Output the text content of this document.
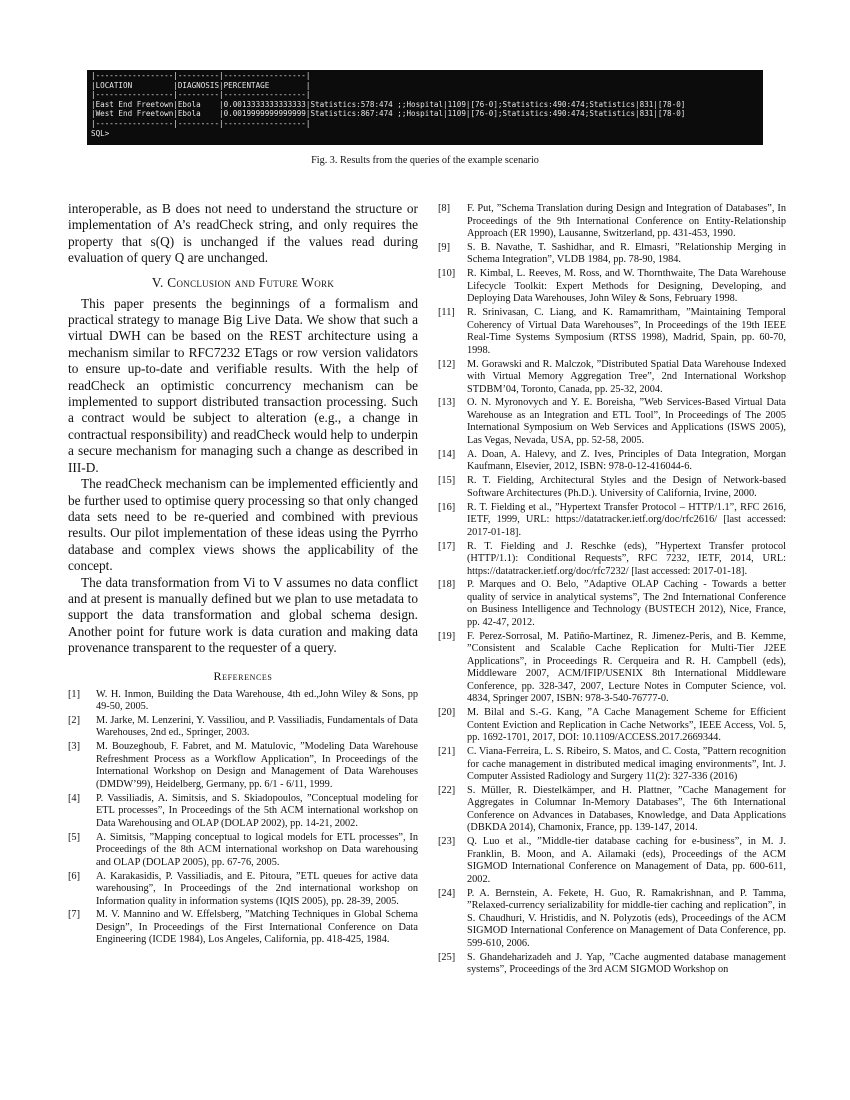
|-----------------|---------|------------------|
|LOCATION         |DIAGNOSIS|PERCENTAGE        |
|-----------------|---------|------------------|
|East End Freetown|Ebola    |0.0013333333333333|Statistics:578:474 ;;Hospital|1109|[76-0];Statistics:490:474;Statistics|831|[78-0]
|West End Freetown|Ebola    |0.0019999999999999|Statistics:867:474 ;;Hospital|1109|[76-0];Statistics:490:474;Statistics|831|[78-0]
|-----------------|---------|------------------|
SQL>
Fig. 3. Results from the queries of the example scenario

interoperable, as B does not need to understand the structure or implementation of A’s readCheck string, and only requires the property that s(Q) is unchanged if the values read during evaluation of query Q are unchanged.

V. Conclusion and Future Work

This paper presents the beginnings of a formalism and practical strategy to manage Big Live Data. We show that such a virtual DWH can be based on the REST architecture using a mechanism similar to RFC7232 ETags or row version validators to ensure up-to-date and verifiable results. With the help of readCheck an optimistic concurrency mechanism can be implemented to support distributed transaction processing. Such a contract would be subject to alteration (e.g., a change in contractual responsibility) and readCheck would help to underpin a secure mechanism for managing such a change as described in III-D.

The readCheck mechanism can be implemented efficiently and be further used to optimise query processing so that only changed data sets need to be re-queried and combined with previous results. Our pilot implementation of these ideas using the Pyrrho database and complex views shows the applicability of the concept.

The data transformation from Vi to V assumes no data conflict and at present is manually defined but we plan to use metadata to support the data transformation and global schema design. Another point for future work is data curation and making data provenance transparent to the requester of a query.

References
[1]	W. H. Inmon, Building the Data Warehouse, 4th ed.,John Wiley & Sons, pp 49-50, 2005.
[2]	M. Jarke, M. Lenzerini, Y. Vassiliou, and P. Vassiliadis, Fundamentals of Data Warehouses, 2nd ed., Springer, 2003.
[3]	M. Bouzeghoub, F. Fabret, and M. Matulovic, ”Modeling Data Warehouse Refreshment Process as a Workflow Application”, In Proceedings of the International Workshop on Design and Management of Data Warehouses (DMDW’99), Heidelberg, Germany, pp. 6/1 - 6/11, 1999.
[4]	P. Vassiliadis, A. Simitsis, and S. Skiadopoulos, ”Conceptual modeling for ETL processes”, In Proceedings of the 5th ACM international workshop on Data Warehousing and OLAP (DOLAP 2002), pp. 14-21, 2002.
[5]	A. Simitsis, ”Mapping conceptual to logical models for ETL processes”, In Proceedings of the 8th ACM international workshop on Data warehousing and OLAP (DOLAP 2005), pp. 67-76, 2005.
[6]	A. Karakasidis, P. Vassiliadis, and E. Pitoura, ”ETL queues for active data warehousing”, In Proceedings of the 2nd international workshop on Information quality in information systems (IQIS 2005), pp. 28-39, 2005.
[7]	M. V. Mannino and W. Effelsberg, ”Matching Techniques in Global Schema Design”, In Proceedings of the First International Conference on Data Engineering (ICDE 1984), Los Angeles, California, pp. 418-425, 1984.
[8]	F. Put, ”Schema Translation during Design and Integration of Databases”, In Proceedings of the 9th International Conference on Entity-Relationship Approach (ER 1990), Lausanne, Switzerland, pp. 431-453, 1990.
[9]	S. B. Navathe, T. Sashidhar, and R. Elmasri, ”Relationship Merging in Schema Integration”, VLDB 1984, pp. 78-90, 1984.
[10]	R. Kimbal, L. Reeves, M. Ross, and W. Thornthwaite, The Data Warehouse Lifecycle Toolkit: Expert Methods for Designing, Developing, and Deploying Data Warehouses, John Wiley & Sons, February 1998.
[11]	R. Srinivasan, C. Liang, and K. Ramamritham, ”Maintaining Temporal Coherency of Virtual Data Warehouses”, In Proceedings of the 19th IEEE Real-Time Systems Symposium (RTSS 1998), Madrid, Spain, pp. 60-70, 1998.
[12]	M. Gorawski and R. Malczok, ”Distributed Spatial Data Warehouse Indexed with Virtual Memory Aggregation Tree”, 2nd International Workshop STDBM’04, Toronto, Canada, pp. 25-32, 2004.
[13]	O. N. Myronovych and Y. E. Boreisha, ”Web Services-Based Virtual Data Warehouse as an Integration and ETL Tool”, In Proceedings of The 2005 International Symposium on Web Services and Applications (ISWS 2005), Las Vegas, Nevada, USA, pp. 52-58, 2005.
[14]	A. Doan, A. Halevy, and Z. Ives, Principles of Data Integration, Morgan Kaufmann, Elsevier, 2012, ISBN: 978-0-12-416044-6.
[15]	R. T. Fielding, Architectural Styles and the Design of Network-based Software Architectures (Ph.D.). University of California, Irvine, 2000.
[16]	R. T. Fielding et al., ”Hypertext Transfer Protocol – HTTP/1.1”, RFC 2616, IETF, 1999, URL: https://datatracker.ietf.org/doc/rfc2616/ [last accessed: 2017-01-18].
[17]	R. T. Fielding and J. Reschke (eds), ”Hypertext Transfer protocol (HTTP/1.1): Conditional Requests”, RFC 7232, IETF, 2014, URL: https://datatracker.ietf.org/doc/rfc7232/ [last accessed: 2017-01-18].
[18]	P. Marques and O. Belo, ”Adaptive OLAP Caching - Towards a better quality of service in analytical systems”, The 2nd International Conference on Business Intelligence and Technology (BUSTECH 2012), Nice, France, pp. 42-47, 2012.
[19]	F. Perez-Sorrosal, M. Patiño-Martinez, R. Jimenez-Peris, and B. Kemme, ”Consistent and Scalable Cache Replication for Multi-Tier J2EE Applications”, in Proceedings R. Cerqueira and R. H. Campbell (eds), Middleware 2007, ACM/IFIP/USENIX 8th International Middleware Conference, pp. 328-347, 2007, Lecture Notes in Computer Science, vol. 4834, Springer 2007, ISBN: 978-3-540-76777-0.
[20]	M. Bilal and S.-G. Kang, ”A Cache Management Scheme for Efficient Content Eviction and Replication in Cache Networks”, IEEE Access, Vol. 5, pp. 1692-1701, 2017, DOI: 10.1109/ACCESS.2017.2669344.
[21]	C. Viana-Ferreira, L. S. Ribeiro, S. Matos, and C. Costa, ”Pattern recognition for cache management in distributed medical imaging environments”, Int. J. Computer Assisted Radiology and Surgery 11(2): 327-336 (2016)
[22]	S. Müller, R. Diestelkämper, and H. Plattner, ”Cache Management for Aggregates in Columnar In-Memory Databases”, The 6th International Conference on Advances in Databases, Knowledge, and Data Applications (DBKDA 2014), Chamonix, France, pp. 139-147, 2014.
[23]	Q. Luo et al., ”Middle-tier database caching for e-business”, in M. J. Franklin, B. Moon, and A. Ailamaki (eds), Proceedings of the ACM SIGMOD International Conference on Management of Data, pp. 600-611, 2002.
[24]	P. A. Bernstein, A. Fekete, H. Guo, R. Ramakrishnan, and P. Tamma, ”Relaxed-currency serializability for middle-tier caching and replication”, in S. Chaudhuri, V. Hristidis, and N. Polyzotis (eds), Proceedings of the ACM SIGMOD International Conference on Management of Data Conference, pp. 599-610, 2006.
[25]	S. Ghandeharizadeh and J. Yap, ”Cache augmented database management systems”, Proceedings of the 3rd ACM SIGMOD Workshop on
